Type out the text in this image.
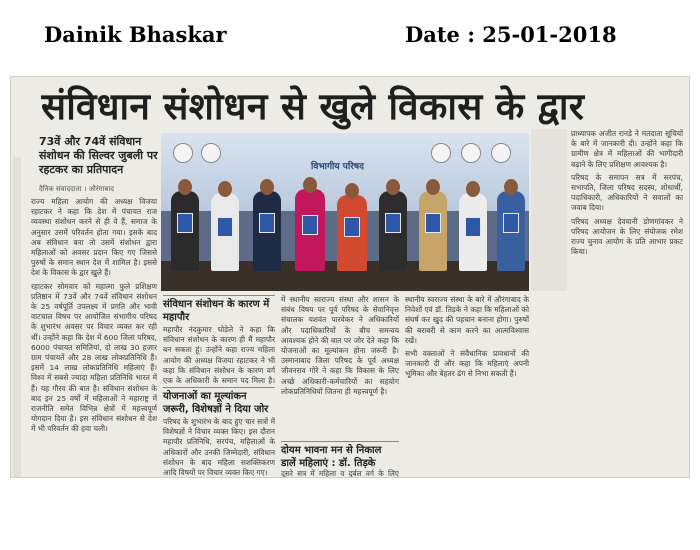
Dainik Bhaskar	Date : 25-01-2018
संविधान संशोधन से खुले विकास के द्वार
73वें और 74वें संविधान संशोधन की सिल्वर जुबली पर रहटकर का प्रतिपादन
दैनिक संवाददाता । औरंगाबाद

राज्य महिला आयोग की अध्यक्ष विजया रहाटकर ने कहा कि देश में पंचायत राज व्यवस्था संशोधन करने से ही वे हैं, समाज के अनुसार उसमें परिवर्तन होता गया। इसके बाद अब संविधान बना तो उसमें संशोधन द्वारा महिलाओं को अवसर प्रदान किए गए जिससे पुरुषों के समान स्थान देश में शामिल है। इससे देश के विकास के द्वार खुले हैं।

रहाटकर सोमवार को महात्मा फुले प्रशिक्षण प्रतिष्ठान में 73वें और 74वें संविधान संशोधन के 25 वर्षपूर्ति उपलक्ष्य में प्रगति और भावी वाटचाल विषय पर आयोजित संभागीय परिषद के शुभारंभ अवसर पर विचार व्यक्त कर रही थीं। उन्होंने कहा कि देश में 600 जिला परिषद, 6000 पंचायत समितियां, दो लाख 30 हजार ग्राम पंचायतें और 28 लाख लोकप्रतिनिधि हैं। इसमें 14 लाख लोकप्रतिनिधि महिलाएं हैं। विश्व में सबसे ज्यादा महिला प्रतिनिधि भारत में हैं। यह गौरव की बात है। संविधान संशोधन के बाद इन 25 वर्षों में महिलाओं ने महाराष्ट्र में राजनीति समेत विभिन्न क्षेत्रों में महत्त्वपूर्ण योगदान दिया है। इस संविधान संशोधन से देश में भी परिवर्तन की हवा चली।

विभागीय परिषद
संविधान संशोधन के कारण में महापौर

महापौर नंदकुमार घोड़ेले ने कहा कि संविधान संशोधन के कारण ही मैं महापौर बन सकता हूं। उन्होंने कहा राज्य महिला आयोग की अध्यक्ष विजया रहाटकर ने भी कहा कि संविधान संशोधन के कारण वर्ग एक के अधिकारी के समान पद मिला है।

योजनाओं का मूल्यांकन जरूरी, विशेषज्ञों ने दिया जोर

परिषद के शुभारंभ के बाद हुए चार सत्रों में विशेषज्ञों ने विचार व्यक्त किए। इस दौरान महापौर प्रतिनिधि, सरपंच, महिलाओं के अधिकारों और उनकी जिम्मेदारी, संविधान संशोधन के बाद महिला सशक्तिकरण आदि विषयों पर विचार व्यक्त किए गए।

में स्थानीय स्वराज्य संस्था और शासन के संबंध विषय पर पूर्व परिषद के सेवानिवृत्त संचालक यशवंत पारवेकर ने अधिकारियों और पदाधिकारियों के बीच समन्वय आवश्यक होने की बात पर जोर देते कहा कि योजनाओं का मूल्यांकन होना जरूरी है। उस्मानाबाद जिला परिषद के पूर्व अध्यक्ष जीवनराव गोरे ने कहा कि विकास के लिए अच्छे अधिकारी-कर्मचारियों का सहयोग लोकप्रतिनिधियों जितना ही महत्त्वपूर्ण है।

दोयम भावना मन से निकाल डालें महिलाएं : डॉ. तिड़के

दूसरे सत्र में महिला व दुर्बल वर्ग के लिए

स्थानीय स्वराज्य संस्था के बारे में औरंगाबाद के निवेशों एवं डॉ. तिड़के ने कहा कि महिलाओं को संघर्ष कर खुद की पहचान बनाना होगा। पुरुषों की बराबरी से काम करने का आत्मविश्वास रखें।

सभी वक्ताओं ने संवैधानिक प्रावधानों की जानकारी दी और कहा कि महिलाएं अपनी भूमिका और बेहतर ढंग से निभा सकती हैं।

प्राध्यापक अजीत रानडे ने मतदाता सूचियों के बारे में जानकारी दी। उन्होंने कहा कि ग्रामीण क्षेत्र में महिलाओं की भागीदारी बढ़ाने के लिए प्रशिक्षण आवश्यक है।

परिषद के समापन सत्र में सरपंच, सभापति, जिला परिषद सदस्य, शोधार्थी, पदाधिकारी, अधिकारियों ने सवालों का जवाब दिया।

परिषद अध्यक्ष देवयानी डोणगांवकर ने परिषद आयोजन के लिए संयोजक रमेश राज्य चुनाव आयोग के प्रति आभार प्रकट किया।
